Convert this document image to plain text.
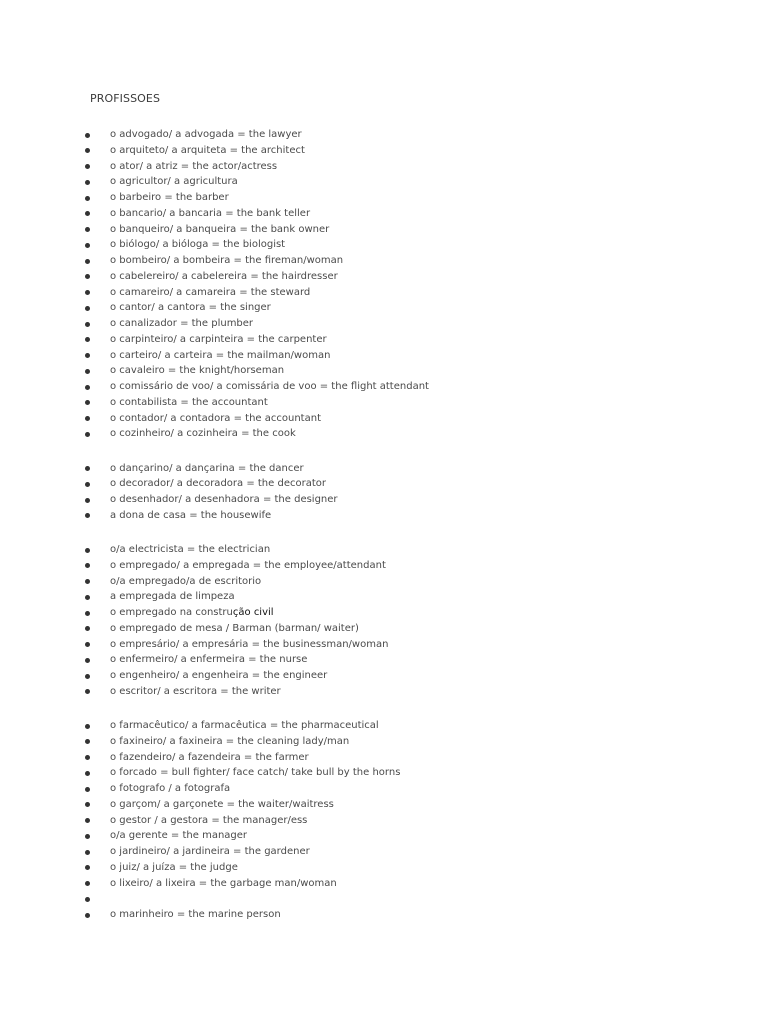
PROFISSOES
o advogado/ a advogada = the lawyer
o arquiteto/ a arquiteta = the architect
o ator/ a atriz = the actor/actress
o agricultor/ a agricultura
o barbeiro = the barber
o bancario/ a bancaria = the bank teller
o banqueiro/ a banqueira = the bank owner
o biólogo/ a bióloga = the biologist
o bombeiro/ a bombeira = the fireman/woman
o cabelereiro/ a cabelereira = the hairdresser
o camareiro/ a camareira = the steward
o cantor/ a cantora = the singer
o canalizador = the plumber
o carpinteiro/ a carpinteira = the carpenter
o carteiro/ a carteira = the mailman/woman
o cavaleiro = the knight/horseman
o comissário de voo/ a comissária de voo = the flight attendant
o contabilista = the accountant
o contador/ a contadora = the accountant
o cozinheiro/ a cozinheira = the cook
o dançarino/ a dançarina = the dancer
o decorador/ a decoradora = the decorator
o desenhador/ a desenhadora = the designer
a dona de casa = the housewife
o/a electricista = the electrician
o empregado/ a empregada = the employee/attendant
o/a empregado/a de escritorio
a empregada de limpeza
o empregado na construção civil
o empregado de mesa / Barman (barman/ waiter)
o empresário/ a empresária = the businessman/woman
o enfermeiro/ a enfermeira = the nurse
o engenheiro/ a engenheira = the engineer
o escritor/ a escritora = the writer
o farmacêutico/ a farmacêutica = the pharmaceutical
o faxineiro/ a faxineira = the cleaning lady/man
o fazendeiro/ a fazendeira = the farmer
o forcado = bull fighter/ face catch/ take bull by the horns
o fotografo / a fotografa
o garçom/ a garçonete = the waiter/waitress
o gestor / a gestora = the manager/ess
o/a gerente = the manager
o jardineiro/ a jardineira = the gardener
o juiz/ a juíza = the judge
o lixeiro/ a lixeira = the garbage man/woman
o marinheiro = the marine person
